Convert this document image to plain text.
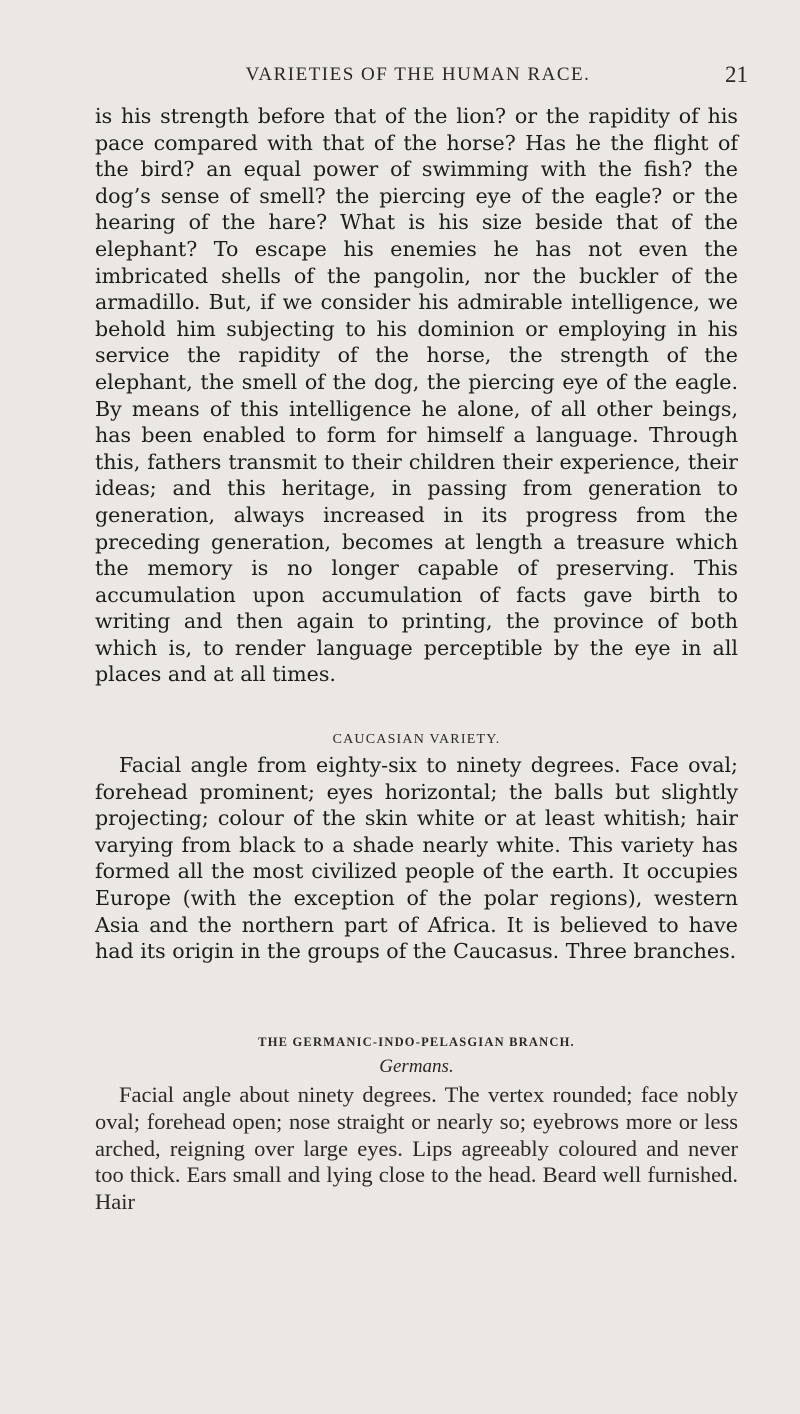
VARIETIES OF THE HUMAN RACE.	21

is his strength before that of the lion? or the rapidity of his pace compared with that of the horse? Has he the flight of the bird? an equal power of swimming with the fish? the dog’s sense of smell? the piercing eye of the eagle? or the hearing of the hare? What is his size beside that of the elephant? To escape his enemies he has not even the imbricated shells of the pangolin, nor the buckler of the armadillo. But, if we consider his admirable intelligence, we behold him subjecting to his dominion or employing in his service the rapidity of the horse, the strength of the elephant, the smell of the dog, the piercing eye of the eagle. By means of this intelligence he alone, of all other beings, has been enabled to form for himself a language. Through this, fathers transmit to their children their experience, their ideas; and this heritage, in passing from generation to generation, always increased in its progress from the preceding generation, becomes at length a treasure which the memory is no longer capable of preserving. This accumulation upon accumulation of facts gave birth to writing and then again to printing, the province of both which is, to render language perceptible by the eye in all places and at all times.

CAUCASIAN VARIETY.

Facial angle from eighty-six to ninety degrees. Face oval; forehead prominent; eyes horizontal; the balls but slightly projecting; colour of the skin white or at least whitish; hair varying from black to a shade nearly white. This variety has formed all the most civilized people of the earth. It occupies Europe (with the exception of the polar regions), western Asia and the northern part of Africa. It is believed to have had its origin in the groups of the Caucasus. Three branches.

THE GERMANIC-INDO-PELASGIAN BRANCH.
Germans.

Facial angle about ninety degrees. The vertex rounded; face nobly oval; forehead open; nose straight or nearly so; eyebrows more or less arched, reigning over large eyes. Lips agreeably coloured and never too thick. Ears small and lying close to the head. Beard well furnished. Hair
